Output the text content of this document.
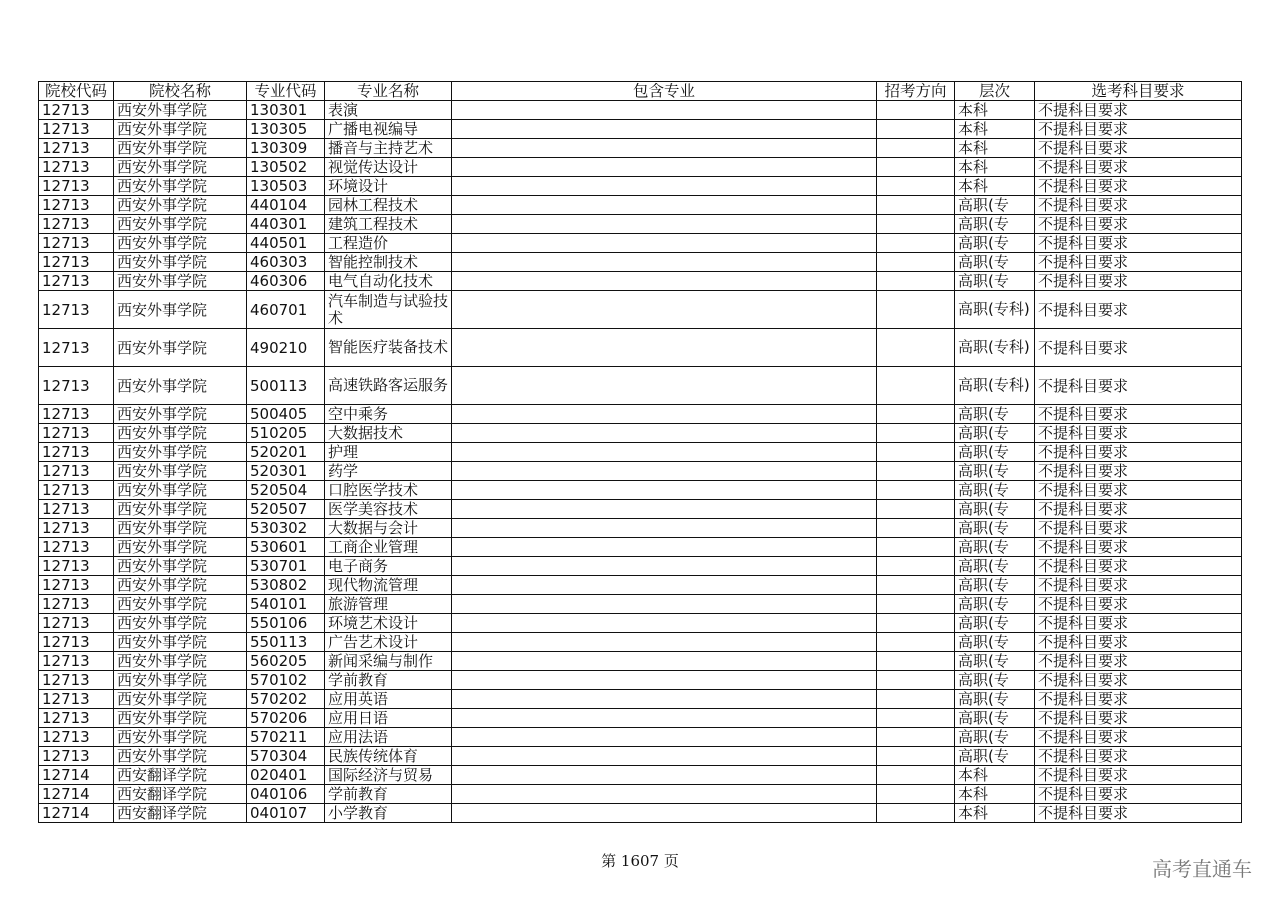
院校代码	院校名称	专业代码	专业名称	包含专业	招考方向	层次	选考科目要求
12713	西安外事学院	130301	表演			本科	不提科目要求
12713	西安外事学院	130305	广播电视编导			本科	不提科目要求
12713	西安外事学院	130309	播音与主持艺术			本科	不提科目要求
12713	西安外事学院	130502	视觉传达设计			本科	不提科目要求
12713	西安外事学院	130503	环境设计			本科	不提科目要求
12713	西安外事学院	440104	园林工程技术			高职(专	不提科目要求
12713	西安外事学院	440301	建筑工程技术			高职(专	不提科目要求
12713	西安外事学院	440501	工程造价			高职(专	不提科目要求
12713	西安外事学院	460303	智能控制技术			高职(专	不提科目要求
12713	西安外事学院	460306	电气自动化技术			高职(专	不提科目要求
12713	西安外事学院	460701	汽车制造与试验技术			高职(专科)	不提科目要求
12713	西安外事学院	490210	智能医疗装备技术			高职(专科)	不提科目要求
12713	西安外事学院	500113	高速铁路客运服务			高职(专科)	不提科目要求
12713	西安外事学院	500405	空中乘务			高职(专	不提科目要求
12713	西安外事学院	510205	大数据技术			高职(专	不提科目要求
12713	西安外事学院	520201	护理			高职(专	不提科目要求
12713	西安外事学院	520301	药学			高职(专	不提科目要求
12713	西安外事学院	520504	口腔医学技术			高职(专	不提科目要求
12713	西安外事学院	520507	医学美容技术			高职(专	不提科目要求
12713	西安外事学院	530302	大数据与会计			高职(专	不提科目要求
12713	西安外事学院	530601	工商企业管理			高职(专	不提科目要求
12713	西安外事学院	530701	电子商务			高职(专	不提科目要求
12713	西安外事学院	530802	现代物流管理			高职(专	不提科目要求
12713	西安外事学院	540101	旅游管理			高职(专	不提科目要求
12713	西安外事学院	550106	环境艺术设计			高职(专	不提科目要求
12713	西安外事学院	550113	广告艺术设计			高职(专	不提科目要求
12713	西安外事学院	560205	新闻采编与制作			高职(专	不提科目要求
12713	西安外事学院	570102	学前教育			高职(专	不提科目要求
12713	西安外事学院	570202	应用英语			高职(专	不提科目要求
12713	西安外事学院	570206	应用日语			高职(专	不提科目要求
12713	西安外事学院	570211	应用法语			高职(专	不提科目要求
12713	西安外事学院	570304	民族传统体育			高职(专	不提科目要求
12714	西安翻译学院	020401	国际经济与贸易			本科	不提科目要求
12714	西安翻译学院	040106	学前教育			本科	不提科目要求
12714	西安翻译学院	040107	小学教育			本科	不提科目要求
第 1607 页	高考直通车
